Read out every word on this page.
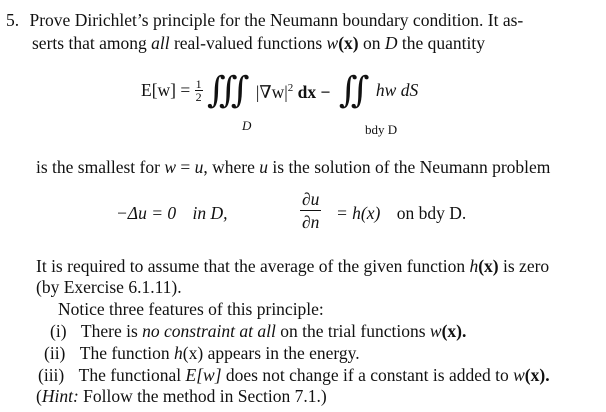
5. Prove Dirichlet’s principle for the Neumann boundary condition. It as-
serts that among all real-valued functions w(x) on D the quantity
$E[w] = \frac{1}{2}$ ∭ $|\nabla w|^2$ dx − ∬ hw dS
D	bdy D
is the smallest for w = u, where u is the solution of the Neumann problem
−Δu = 0 in D,	$\frac{\partial u}{\partial n} = h(x)$ on bdy D.
It is required to assume that the average of the given function h(x) is zero
(by Exercise 6.1.11).
Notice three features of this principle:
(i) There is no constraint at all on the trial functions w(x).
(ii) The function h(x) appears in the energy.
(iii) The functional E[w] does not change if a constant is added to w(x).
(Hint: Follow the method in Section 7.1.)
